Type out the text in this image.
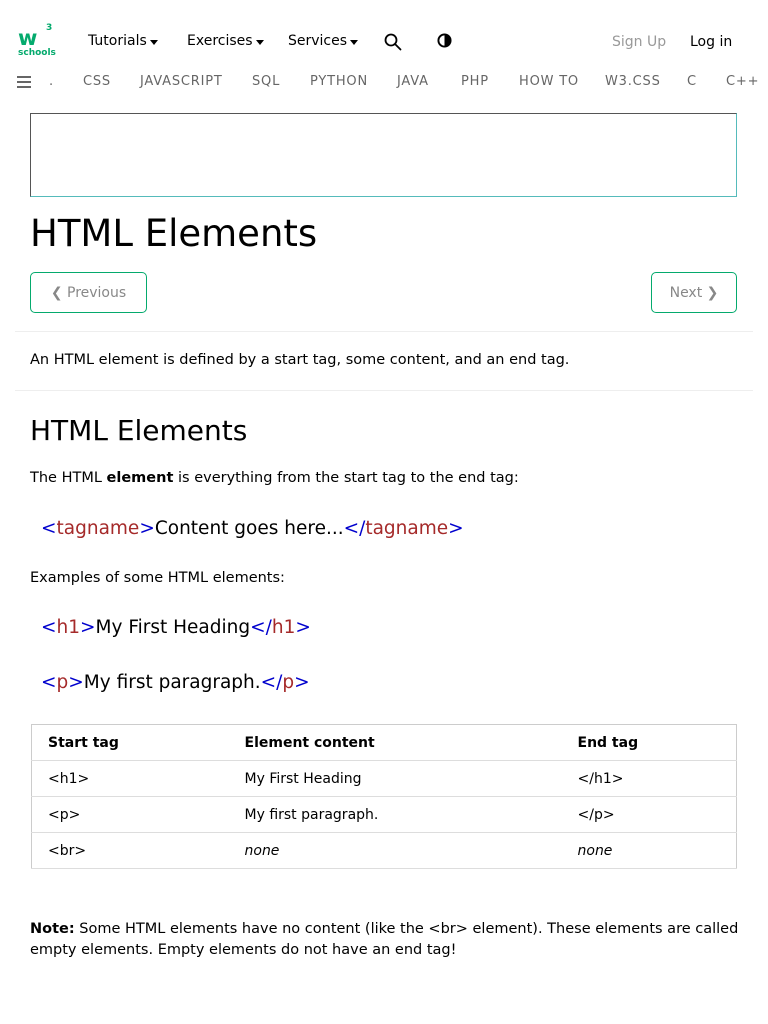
w 3
schools
Tutorials	Exercises	Services	Sign Up Log in
. CSS JAVASCRIPT SQL PYTHON JAVA PHP HOW TO W3.CSS C C++
HTML Elements
❮
Previous	Next
❯

An HTML element is defined by a start tag, some content, and an end tag.

HTML Elements

The HTML element is everything from the start tag to the end tag:

<tagname>Content goes here...</tagname>

Examples of some HTML elements:

<h1>My First Heading</h1>
<p>My first paragraph.</p>
Start tag	Element content	End tag
<h1>	My First Heading	</h1>
<p>	My first paragraph.	</p>
<br>	none	none

Note: Some HTML elements have no content (like the <br> element). These elements are called empty elements. Empty elements do not have an end tag!
